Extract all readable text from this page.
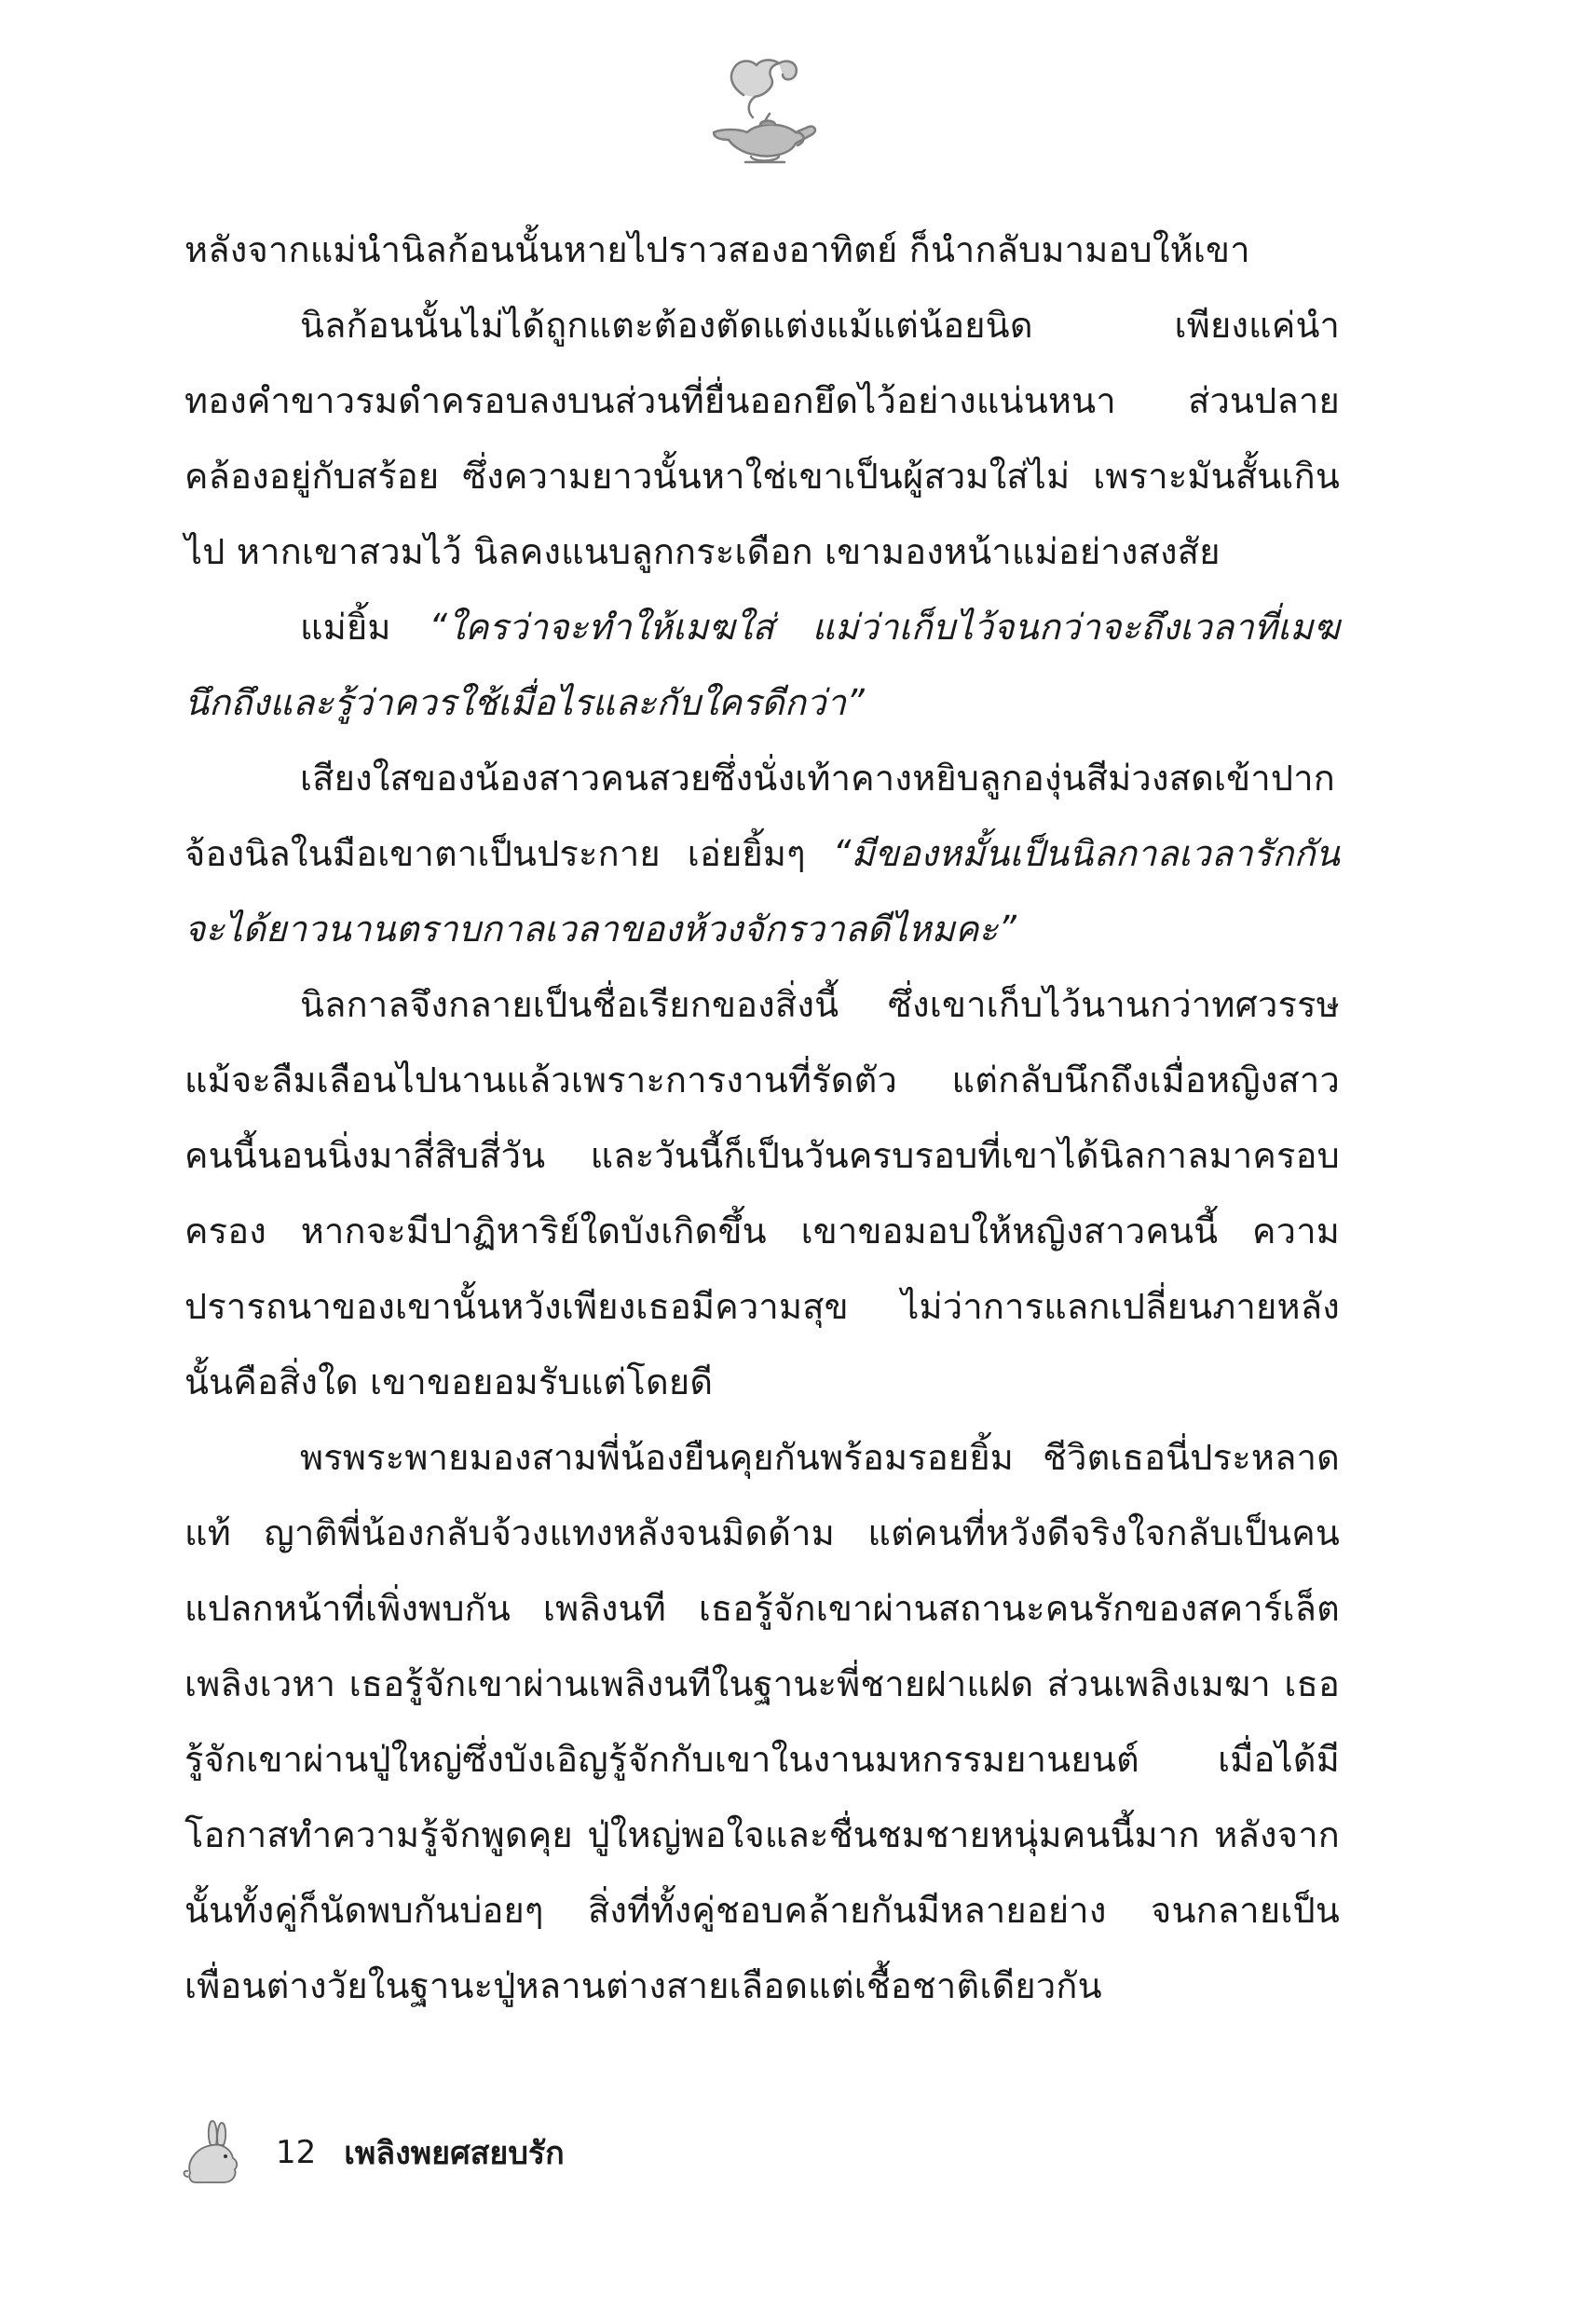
หลังจากแม่นำนิลก้อนนั้นหายไปราวสองอาทิตย์ ก็นำกลับมามอบให้เขา

นิลก้อนนั้นไม่ได้ถูกแตะต้องตัดแต่งแม้แต่น้อยนิด เพียงแค่นำทองคำขาวรมดำครอบลงบนส่วนที่ยื่นออกยึดไว้อย่างแน่นหนา ส่วนปลายคล้องอยู่กับสร้อย ซึ่งความยาวนั้นหาใช่เขาเป็นผู้สวมใส่ไม่ เพราะมันสั้นเกินไป หากเขาสวมไว้ นิลคงแนบลูกกระเดือก เขามองหน้าแม่อย่างสงสัย

แม่ยิ้ม “ใครว่าจะทำให้เมฆใส่ แม่ว่าเก็บไว้จนกว่าจะถึงเวลาที่เมฆนึกถึงและรู้ว่าควรใช้เมื่อไรและกับใครดีกว่า”

เสียงใสของน้องสาวคนสวยซึ่งนั่งเท้าคางหยิบลูกองุ่นสีม่วงสดเข้าปากจ้องนิลในมือเขาตาเป็นประกาย เอ่ยยิ้มๆ “มีของหมั้นเป็นนิลกาลเวลารักกันจะได้ยาวนานตราบกาลเวลาของห้วงจักรวาลดีไหมคะ”

นิลกาลจึงกลายเป็นชื่อเรียกของสิ่งนี้ ซึ่งเขาเก็บไว้นานกว่าทศวรรษ แม้จะลืมเลือนไปนานแล้วเพราะการงานที่รัดตัว แต่กลับนึกถึงเมื่อหญิงสาวคนนี้นอนนิ่งมาสี่สิบสี่วัน และวันนี้ก็เป็นวันครบรอบที่เขาได้นิลกาลมาครอบครอง หากจะมีปาฏิหาริย์ใดบังเกิดขึ้น เขาขอมอบให้หญิงสาวคนนี้ ความปรารถนาของเขานั้นหวังเพียงเธอมีความสุข ไม่ว่าการแลกเปลี่ยนภายหลังนั้นคือสิ่งใด เขาขอยอมรับแต่โดยดี

พรพระพายมองสามพี่น้องยืนคุยกันพร้อมรอยยิ้ม ชีวิตเธอนี่ประหลาดแท้ ญาติพี่น้องกลับจ้วงแทงหลังจนมิดด้าม แต่คนที่หวังดีจริงใจกลับเป็นคนแปลกหน้าที่เพิ่งพบกัน เพลิงนที เธอรู้จักเขาผ่านสถานะคนรักของสคาร์เล็ต เพลิงเวหา เธอรู้จักเขาผ่านเพลิงนทีในฐานะพี่ชายฝาแฝด ส่วนเพลิงเมฆา เธอรู้จักเขาผ่านปู่ใหญ่ซึ่งบังเอิญรู้จักกับเขาในงานมหกรรมยานยนต์ เมื่อได้มีโอกาสทำความรู้จักพูดคุย ปู่ใหญ่พอใจและชื่นชมชายหนุ่มคนนี้มาก หลังจากนั้นทั้งคู่ก็นัดพบกันบ่อยๆ สิ่งที่ทั้งคู่ชอบคล้ายกันมีหลายอย่าง จนกลายเป็นเพื่อนต่างวัยในฐานะปู่หลานต่างสายเลือดแต่เชื้อชาติเดียวกัน

12 เพลิงพยศสยบรัก
